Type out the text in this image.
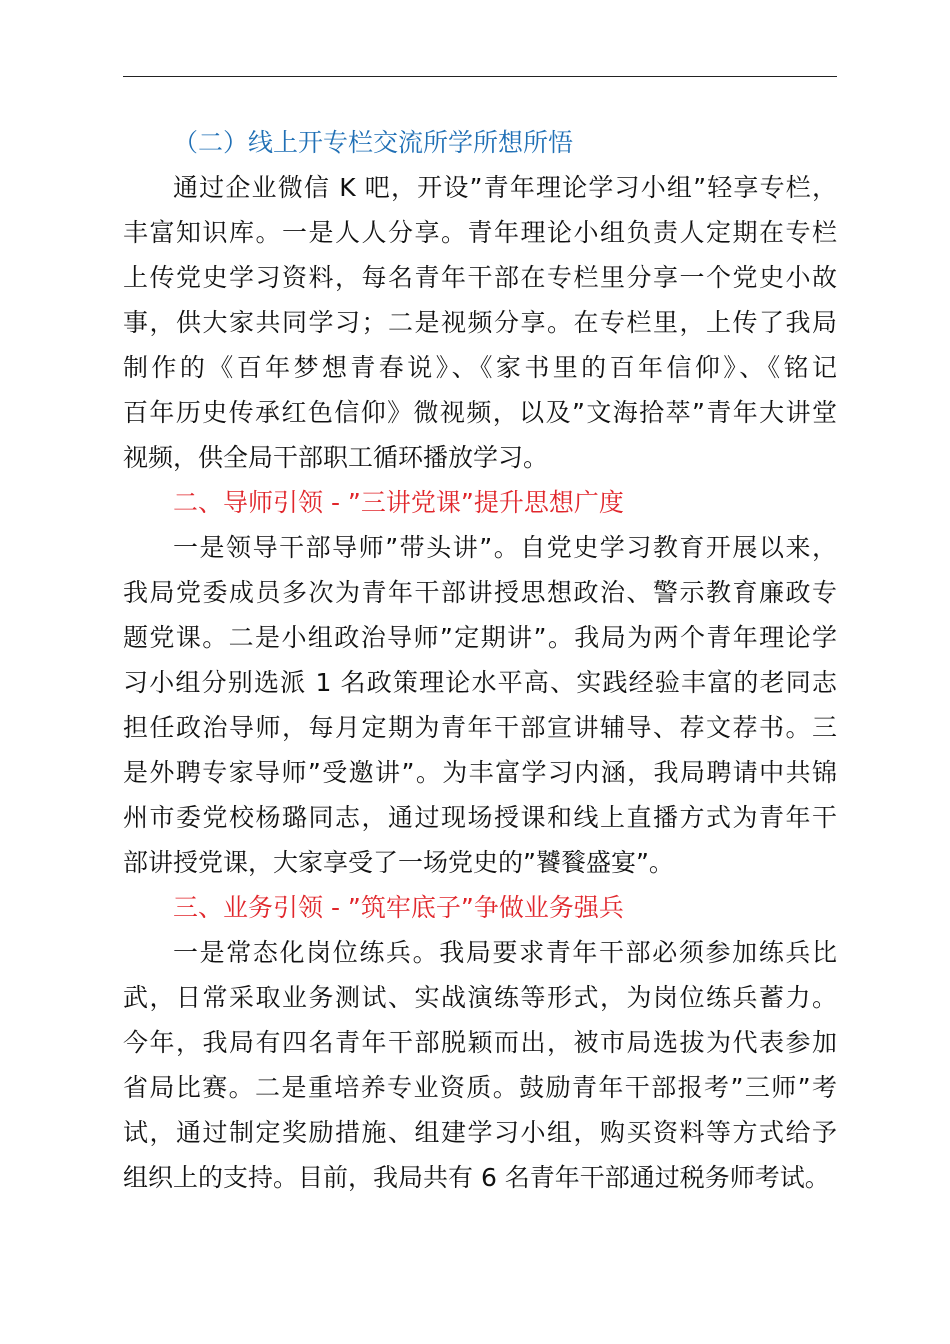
（二）线上开专栏交流所学所想所悟
通过企业微信 K 吧，开设”青年理论学习小组”轻享专栏，
丰富知识库。一是人人分享。青年理论小组负责人定期在专栏
上传党史学习资料，每名青年干部在专栏里分享一个党史小故
事，供大家共同学习；二是视频分享。在专栏里，上传了我局
制作的《百年梦想青春说》、《家书里的百年信仰》、《铭记
百年历史传承红色信仰》微视频，以及”文海拾萃”青年大讲堂
视频，供全局干部职工循环播放学习。
二、导师引领 - ”三讲党课”提升思想广度
一是领导干部导师”带头讲”。自党史学习教育开展以来，
我局党委成员多次为青年干部讲授思想政治、警示教育廉政专
题党课。二是小组政治导师”定期讲”。我局为两个青年理论学
习小组分别选派 1 名政策理论水平高、实践经验丰富的老同志
担任政治导师，每月定期为青年干部宣讲辅导、荐文荐书。三
是外聘专家导师”受邀讲”。为丰富学习内涵，我局聘请中共锦
州市委党校杨璐同志，通过现场授课和线上直播方式为青年干
部讲授党课，大家享受了一场党史的”饕餮盛宴”。
三、业务引领 - ”筑牢底子”争做业务强兵
一是常态化岗位练兵。我局要求青年干部必须参加练兵比
武，日常采取业务测试、实战演练等形式，为岗位练兵蓄力。
今年，我局有四名青年干部脱颖而出，被市局选拔为代表参加
省局比赛。二是重培养专业资质。鼓励青年干部报考”三师”考
试，通过制定奖励措施、组建学习小组，购买资料等方式给予
组织上的支持。目前，我局共有 6 名青年干部通过税务师考试。
